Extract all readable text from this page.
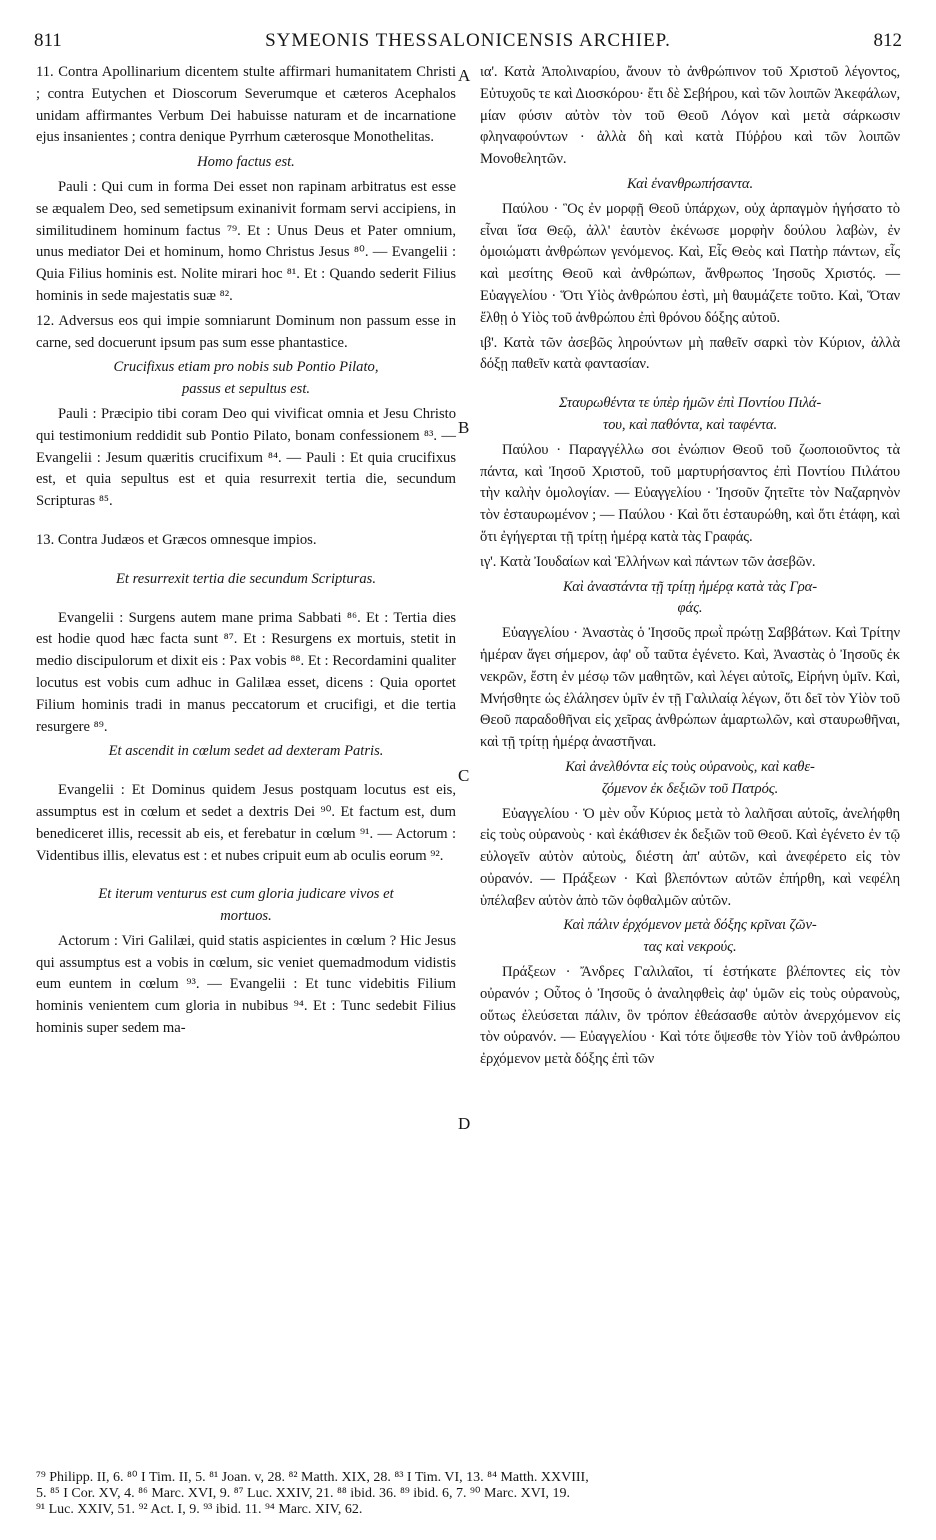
811	SYMEONIS THESSALONICENSIS ARCHIEP.	812
A
B
C
D

11. Contra Apollinarium dicentem stulte affirmari humanitatem Christi ; contra Eutychen et Dioscorum Severumque et cæteros Acephalos unidam affirmantes Verbum Dei habuisse naturam et de incarnatione ejus insanientes ; contra denique Pyrrhum cæterosque Monothelitas.

Homo factus est.

Pauli : Qui cum in forma Dei esset non rapinam arbitratus est esse se æqualem Deo, sed semetipsum exinanivit formam servi accipiens, in similitudinem hominum factus ⁷⁹. Et : Unus Deus et Pater omnium, unus mediator Dei et hominum, homo Christus Jesus ⁸⁰. — Evangelii : Quia Filius hominis est. Nolite mirari hoc ⁸¹. Et : Quando sederit Filius hominis in sede majestatis suæ ⁸².

12. Adversus eos qui impie somniarunt Dominum non passum esse in carne, sed docuerunt ipsum pas sum esse phantastice.

Crucifixus etiam pro nobis sub Pontio Pilato,

passus et sepultus est.

Pauli : Præcipio tibi coram Deo qui vivificat omnia et Jesu Christo qui testimonium reddidit sub Pontio Pilato, bonam confessionem ⁸³. — Evangelii : Jesum quæritis crucifixum ⁸⁴. — Pauli : Et quia crucifixus est, et quia sepultus est et quia resurrexit tertia die, secundum Scripturas ⁸⁵.

13. Contra Judæos et Græcos omnesque impios.

Et resurrexit tertia die secundum Scripturas.

Evangelii : Surgens autem mane prima Sabbati ⁸⁶. Et : Tertia dies est hodie quod hæc facta sunt ⁸⁷. Et : Resurgens ex mortuis, stetit in medio discipulorum et dixit eis : Pax vobis ⁸⁸. Et : Recordamini qualiter locutus est vobis cum adhuc in Galilæa esset, dicens : Quia oportet Filium hominis tradi in manus peccatorum et crucifigi, et die tertia resurgere ⁸⁹.

Et ascendit in cœlum sedet ad dexteram Patris.

Evangelii : Et Dominus quidem Jesus postquam locutus est eis, assumptus est in cœlum et sedet a dextris Dei ⁹⁰. Et factum est, dum benediceret illis, recessit ab eis, et ferebatur in cœlum ⁹¹. — Actorum : Videntibus illis, elevatus est : et nubes cripuit eum ab oculis eorum ⁹².

Et iterum venturus est cum gloria judicare vivos et

mortuos.

Actorum : Viri Galilæi, quid statis aspicientes in cœlum ? Hic Jesus qui assumptus est a vobis in cœlum, sic veniet quemadmodum vidistis eum euntem in cœlum ⁹³. — Evangelii : Et tunc videbitis Filium hominis venientem cum gloria in nubibus ⁹⁴. Et : Tunc sedebit Filius hominis super sedem ma-

ια'. Κατὰ Ἀπολιναρίου, ἄνουν τὸ ἀνθρώπινον τοῦ Χριστοῦ λέγοντος, Εὐτυχοῦς τε καὶ Διοσκόρου· ἔτι δὲ Σεβήρου, καὶ τῶν λοιπῶν Ἀκεφάλων, μίαν φύσιν αὐτὸν τὸν τοῦ Θεοῦ Λόγον καὶ μετὰ σάρκωσιν φληναφούντων · ἀλλὰ δὴ καὶ κατὰ Πύῤῥου καὶ τῶν λοιπῶν Μονοθελητῶν.

Καὶ ἐνανθρωπήσαντα.

Παύλου · Ὃς ἐν μορφῇ Θεοῦ ὑπάρχων, οὐχ ἁρπαγμὸν ἡγήσατο τὸ εἶναι ἴσα Θεῷ, ἀλλ' ἑαυτὸν ἐκένωσε μορφὴν δούλου λαβὼν, ἐν ὁμοιώματι ἀνθρώπων γενόμενος. Καὶ, Εἷς Θεὸς καὶ Πατὴρ πάντων, εἷς καὶ μεσίτης Θεοῦ καὶ ἀνθρώπων, ἄνθρωπος Ἰησοῦς Χριστός. — Εὐαγγελίου · Ὅτι Υἱὸς ἀνθρώπου ἐστὶ, μὴ θαυμάζετε τοῦτο. Καὶ, Ὅταν ἔλθῃ ὁ Υἱὸς τοῦ ἀνθρώπου ἐπὶ θρόνου δόξης αὐτοῦ.

ιβ'. Κατὰ τῶν ἀσεβῶς ληρούντων μὴ παθεῖν σαρκὶ τὸν Κύριον, ἀλλὰ δόξῃ παθεῖν κατὰ φαντασίαν.

Σταυρωθέντα τε ὑπὲρ ἡμῶν ἐπὶ Ποντίου Πιλά-

του, καὶ παθόντα, καὶ ταφέντα.

Παύλου · Παραγγέλλω σοι ἐνώπιον Θεοῦ τοῦ ζωοποιοῦντος τὰ πάντα, καὶ Ἰησοῦ Χριστοῦ, τοῦ μαρτυρήσαντος ἐπὶ Ποντίου Πιλάτου τὴν καλὴν ὁμολογίαν. — Εὐαγγελίου · Ἰησοῦν ζητεῖτε τὸν Ναζαρηνὸν τὸν ἐσταυρωμένον ; — Παύλου · Καὶ ὅτι ἐσταυρώθη, καὶ ὅτι ἐτάφη, καὶ ὅτι ἐγήγερται τῇ τρίτῃ ἡμέρᾳ κατὰ τὰς Γραφάς.

ιγ'. Κατὰ Ἰουδαίων καὶ Ἑλλήνων καὶ πάντων τῶν ἀσεβῶν.

Καὶ ἀναστάντα τῇ τρίτῃ ἡμέρᾳ κατὰ τὰς Γρα-

φάς.

Εὐαγγελίου · Ἀναστὰς ὁ Ἰησοῦς πρωῒ πρώτῃ Σαββάτων. Καὶ Τρίτην ἡμέραν ἄγει σήμερον, ἀφ' οὗ ταῦτα ἐγένετο. Καὶ, Ἀναστὰς ὁ Ἰησοῦς ἐκ νεκρῶν, ἔστη ἐν μέσῳ τῶν μαθητῶν, καὶ λέγει αὐτοῖς, Εἰρήνη ὑμῖν. Καὶ, Μνήσθητε ὡς ἐλάλησεν ὑμῖν ἐν τῇ Γαλιλαίᾳ λέγων, ὅτι δεῖ τὸν Υἱὸν τοῦ Θεοῦ παραδοθῆναι εἰς χεῖρας ἀνθρώπων ἁμαρτωλῶν, καὶ σταυρωθῆναι, καὶ τῇ τρίτῃ ἡμέρᾳ ἀναστῆναι.

Καὶ ἀνελθόντα εἰς τοὺς οὐρανοὺς, καὶ καθε-

ζόμενον ἐκ δεξιῶν τοῦ Πατρός.

Εὐαγγελίου · Ὁ μὲν οὖν Κύριος μετὰ τὸ λαλῆσαι αὐτοῖς, ἀνελήφθη εἰς τοὺς οὐρανοὺς · καὶ ἐκάθισεν ἐκ δεξιῶν τοῦ Θεοῦ. Καὶ ἐγένετο ἐν τῷ εὐλογεῖν αὐτὸν αὐτοὺς, διέστη ἀπ' αὐτῶν, καὶ ἀνεφέρετο εἰς τὸν οὐρανόν. — Πράξεων · Καὶ βλεπόντων αὐτῶν ἐπήρθη, καὶ νεφέλη ὑπέλαβεν αὐτὸν ἀπὸ τῶν ὀφθαλμῶν αὐτῶν.

Καὶ πάλιν ἐρχόμενον μετὰ δόξης κρῖναι ζῶν-

τας καὶ νεκρούς.

Πράξεων · Ἄνδρες Γαλιλαῖοι, τί ἑστήκατε βλέποντες εἰς τὸν οὐρανόν ; Οὗτος ὁ Ἰησοῦς ὁ ἀναληφθεὶς ἀφ' ὑμῶν εἰς τοὺς οὐρανοὺς, οὕτως ἐλεύσεται πάλιν, ὃν τρόπον ἐθεάσασθε αὐτὸν ἀνερχόμενον εἰς τὸν οὐρανόν. — Εὐαγγελίου · Καὶ τότε ὄψεσθε τὸν Υἱὸν τοῦ ἀνθρώπου ἐρχόμενον μετὰ δόξης ἐπὶ τῶν

⁷⁹ Philipp. II, 6. ⁸⁰ I Tim. II, 5. ⁸¹ Joan. v, 28. ⁸² Matth. XIX, 28. ⁸³ I Tim. VI, 13. ⁸⁴ Matth. XXVIII,
5. ⁸⁵ I Cor. XV, 4. ⁸⁶ Marc. XVI, 9. ⁸⁷ Luc. XXIV, 21. ⁸⁸ ibid. 36. ⁸⁹ ibid. 6, 7. ⁹⁰ Marc. XVI, 19.
⁹¹ Luc. XXIV, 51. ⁹² Act. I, 9. ⁹³ ibid. 11. ⁹⁴ Marc. XIV, 62.
